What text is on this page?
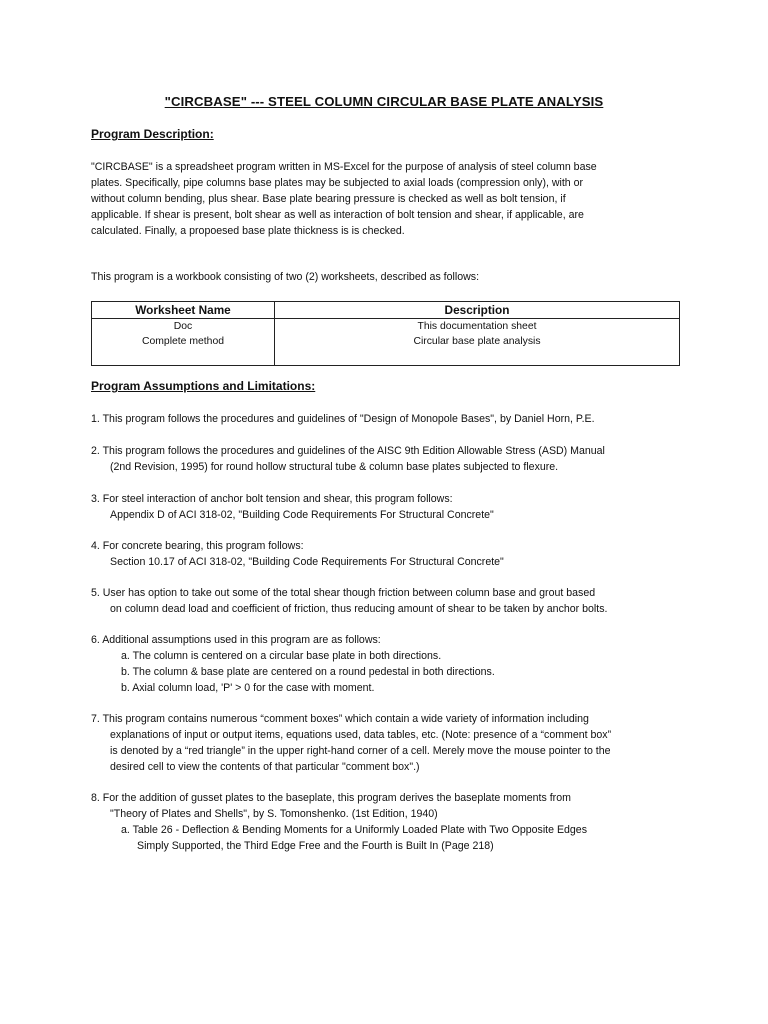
"CIRCBASE" --- STEEL COLUMN CIRCULAR BASE PLATE ANALYSIS
Program Description:

"CIRCBASE" is a spreadsheet program written in MS-Excel for the purpose of analysis of steel column base

plates. Specifically, pipe columns base plates may be subjected to axial loads (compression only), with or

without column bending, plus shear. Base plate bearing pressure is checked as well as bolt tension, if

applicable. If shear is present, bolt shear as well as interaction of bolt tension and shear, if applicable, are

calculated. Finally, a propoesed base plate thickness is is checked.

This program is a workbook consisting of two (2) worksheets, described as follows:
Worksheet Name	Description
Doc	This documentation sheet
Complete method	Circular base plate analysis

Program Assumptions and Limitations:
1. This program follows the procedures and guidelines of "Design of Monopole Bases", by Daniel Horn, P.E.
2. This program follows the procedures and guidelines of the AISC 9th Edition Allowable Stress (ASD) Manual
(2nd Revision, 1995) for round hollow structural tube & column base plates subjected to flexure.
3. For steel interaction of anchor bolt tension and shear, this program follows:
Appendix D of ACI 318-02, "Building Code Requirements For Structural Concrete"
4. For concrete bearing, this program follows:
Section 10.17 of ACI 318-02, "Building Code Requirements For Structural Concrete"
5. User has option to take out some of the total shear though friction between column base and grout based
on column dead load and coefficient of friction, thus reducing amount of shear to be taken by anchor bolts.
6. Additional assumptions used in this program are as follows:
a. The column is centered on a circular base plate in both directions.
b. The column & base plate are centered on a round pedestal in both directions.
b. Axial column load, 'P' > 0 for the case with moment.
7. This program contains numerous “comment boxes” which contain a wide variety of information including
explanations of input or output items, equations used, data tables, etc. (Note: presence of a “comment box”
is denoted by a “red triangle” in the upper right-hand corner of a cell. Merely move the mouse pointer to the
desired cell to view the contents of that particular "comment box".)
8. For the addition of gusset plates to the baseplate, this program derives the baseplate moments from
"Theory of Plates and Shells", by S. Tomonshenko. (1st Edition, 1940)
a. Table 26 - Deflection & Bending Moments for a Uniformly Loaded Plate with Two Opposite Edges
Simply Supported, the Third Edge Free and the Fourth is Built In (Page 218)
